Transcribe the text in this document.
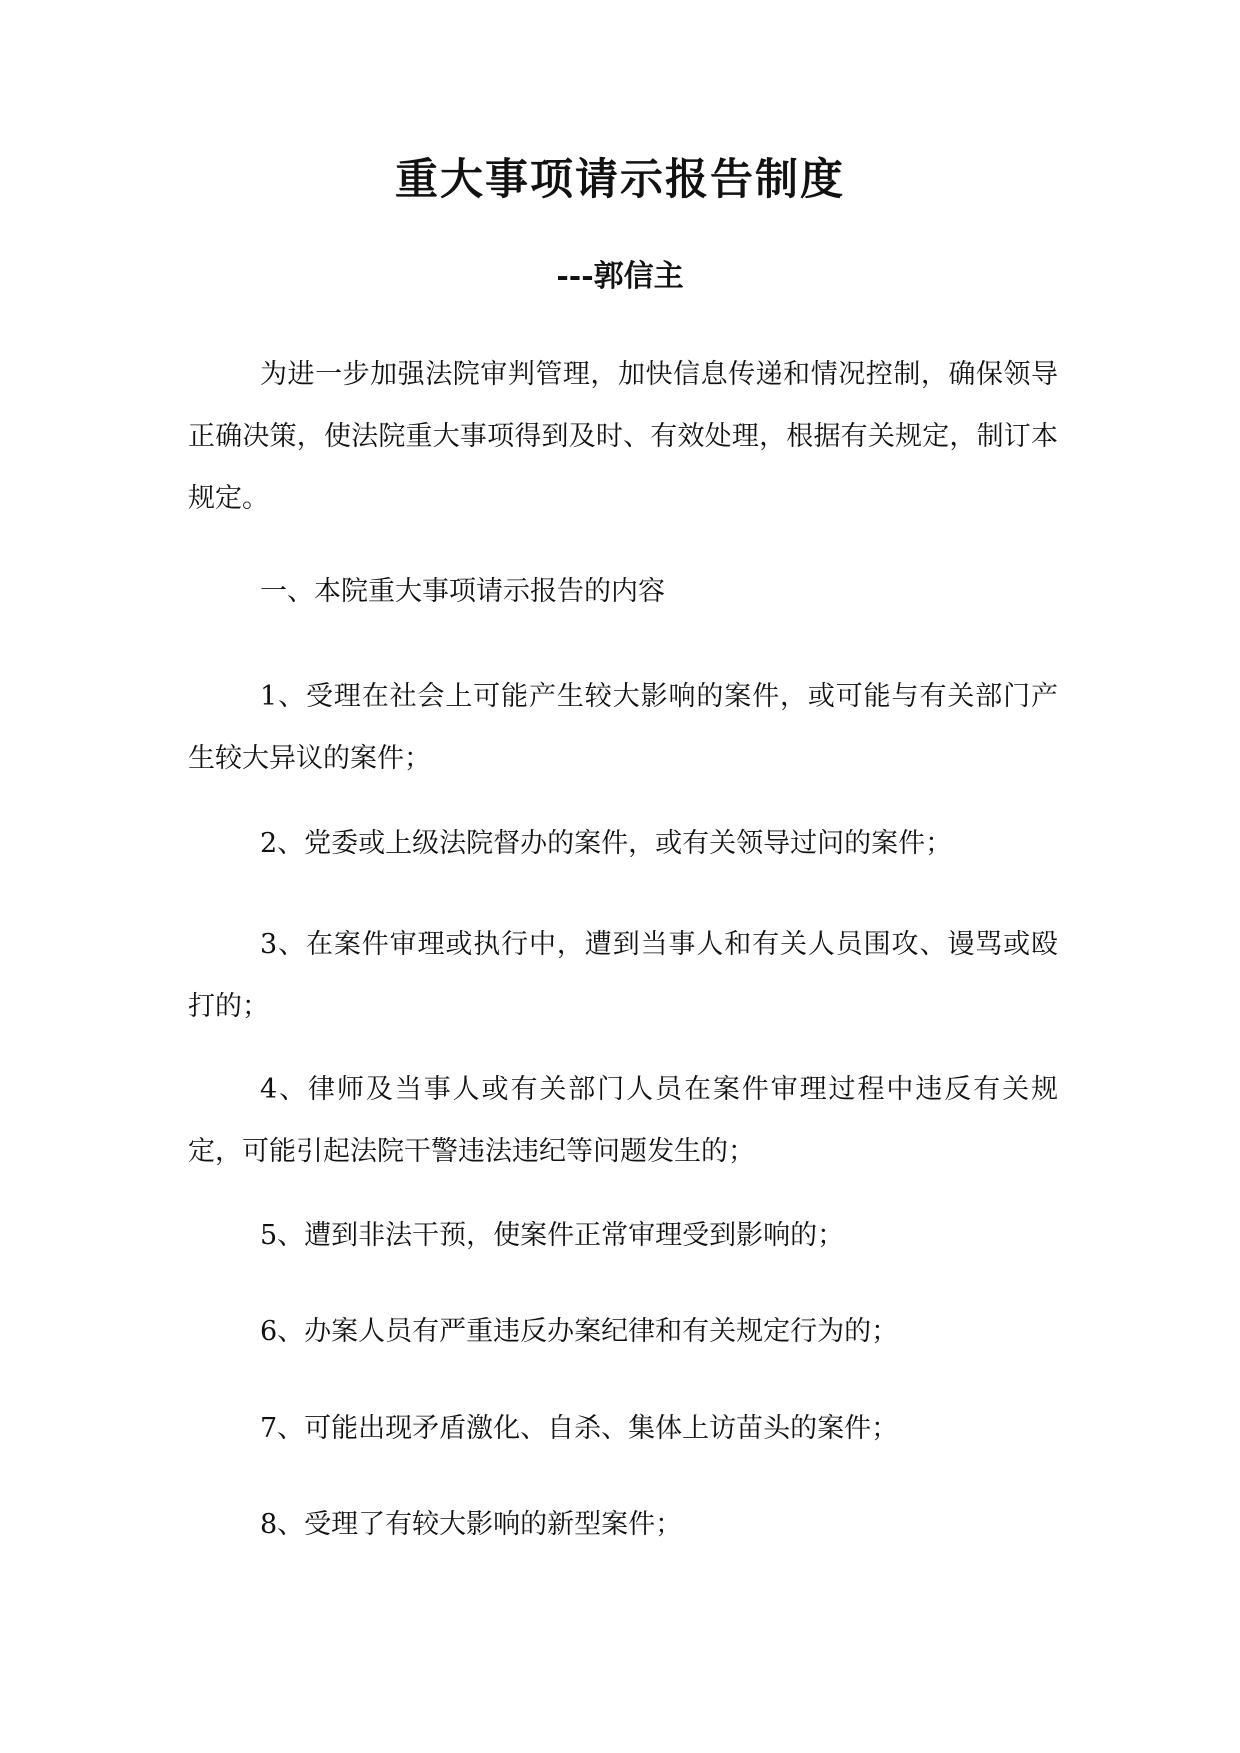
重大事项请示报告制度
---郭信主

为进一步加强法院审判管理，加快信息传递和情况控制，确保领导正确决策，使法院重大事项得到及时、有效处理，根据有关规定，制订本规定。

一、本院重大事项请示报告的内容

1、受理在社会上可能产生较大影响的案件，或可能与有关部门产生较大异议的案件；

2、党委或上级法院督办的案件，或有关领导过问的案件；

3、在案件审理或执行中，遭到当事人和有关人员围攻、谩骂或殴打的；

4、律师及当事人或有关部门人员在案件审理过程中违反有关规定，可能引起法院干警违法违纪等问题发生的；

5、遭到非法干预，使案件正常审理受到影响的；

6、办案人员有严重违反办案纪律和有关规定行为的；

7、可能出现矛盾激化、自杀、集体上访苗头的案件；

8、受理了有较大影响的新型案件；
